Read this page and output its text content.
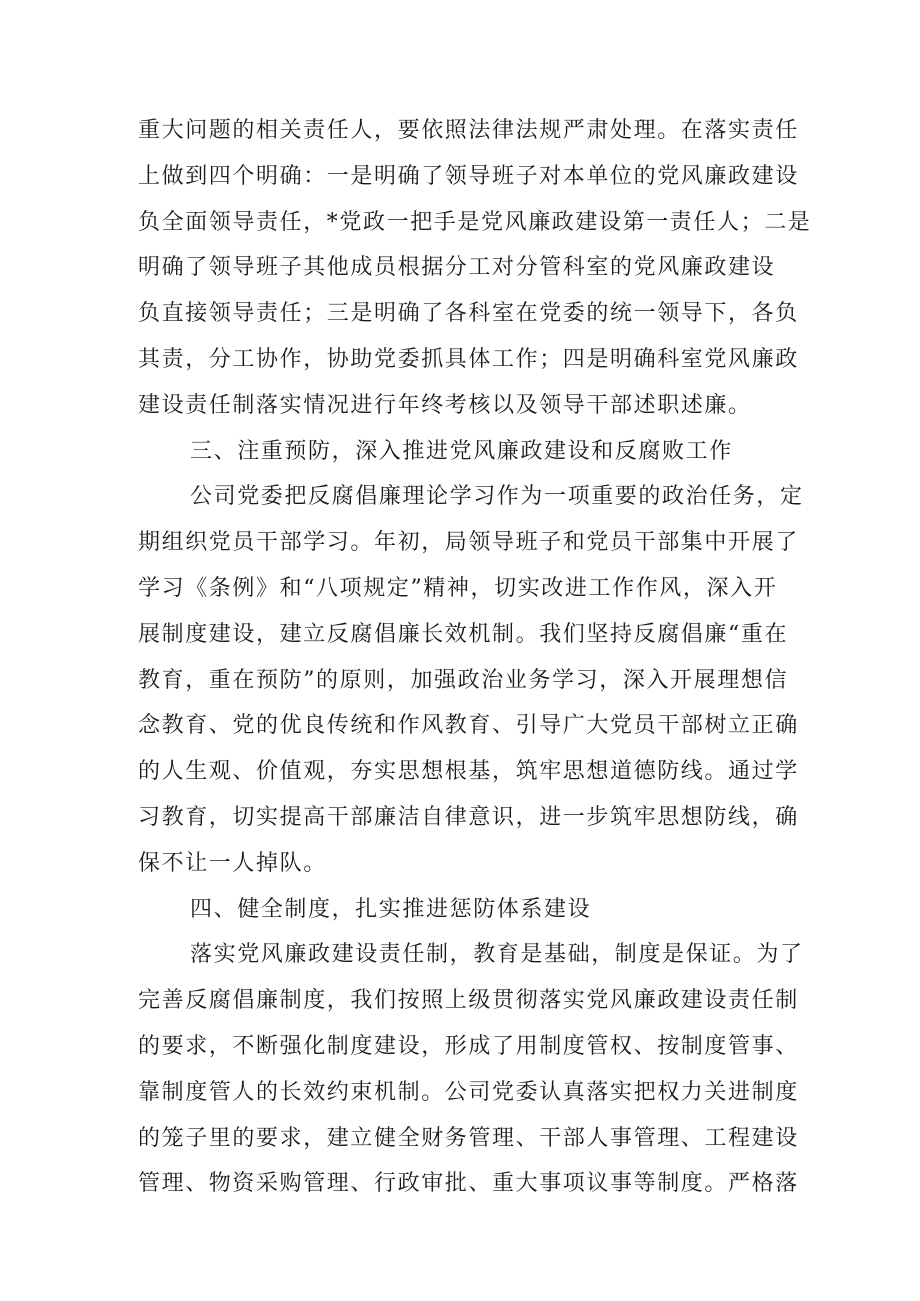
重大问题的相关责任人，要依照法律法规严肃处理。在落实责任
上做到四个明确：一是明确了领导班子对本单位的党风廉政建设
负全面领导责任，*党政一把手是党风廉政建设第一责任人；二是
明确了领导班子其他成员根据分工对分管科室的党风廉政建设
负直接领导责任；三是明确了各科室在党委的统一领导下，各负
其责，分工协作，协助党委抓具体工作；四是明确科室党风廉政
建设责任制落实情况进行年终考核以及领导干部述职述廉。
三、注重预防，深入推进党风廉政建设和反腐败工作
公司党委把反腐倡廉理论学习作为一项重要的政治任务，定
期组织党员干部学习。年初，局领导班子和党员干部集中开展了
学习《条例》和“八项规定”精神，切实改进工作作风，深入开
展制度建设，建立反腐倡廉长效机制。我们坚持反腐倡廉“重在
教育，重在预防”的原则，加强政治业务学习，深入开展理想信
念教育、党的优良传统和作风教育、引导广大党员干部树立正确
的人生观、价值观，夯实思想根基，筑牢思想道德防线。通过学
习教育，切实提高干部廉洁自律意识，进一步筑牢思想防线，确
保不让一人掉队。
四、健全制度，扎实推进惩防体系建设
落实党风廉政建设责任制，教育是基础，制度是保证。为了
完善反腐倡廉制度，我们按照上级贯彻落实党风廉政建设责任制
的要求，不断强化制度建设，形成了用制度管权、按制度管事、
靠制度管人的长效约束机制。公司党委认真落实把权力关进制度
的笼子里的要求，建立健全财务管理、干部人事管理、工程建设
管理、物资采购管理、行政审批、重大事项议事等制度。严格落
